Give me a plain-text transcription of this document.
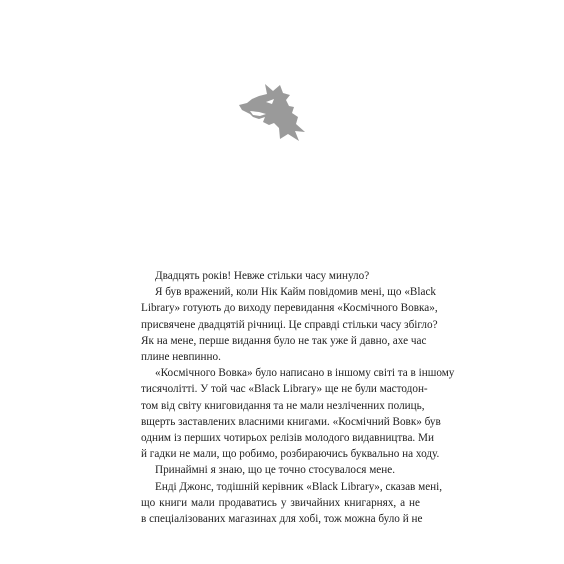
Двадцять років! Невже стільки часу минуло?
Я був вражений, коли Нік Кайм повідомив мені, що «Black
Library» готують до виходу перевидання «Космічного Вовка»,
присвячене двадцятій річниці. Це справді стільки часу збігло?
Як на мене, перше видання було не так уже й давно, ахе час
плине невпинно.
«Космічного Вовка» було написано в іншому світі та в іншому
тисячолітті. У той час «Black Library» ще не були мастодон-
том від світу книговидання та не мали незліченних полиць,
вщерть заставлених власними книгами. «Космічний Вовк» був
одним із перших чотирьох релізів молодого видавництва. Ми
й гадки не мали, що робимо, розбираючись буквально на ходу.
Принаймні я знаю, що це точно стосувалося мене.
Енді Джонс, тодішній керівник «Black Library», сказав мені,
що книги мали продаватись у звичайних книгарнях, а не
в спеціалізованих магазинах для хобі, тож можна було й не
